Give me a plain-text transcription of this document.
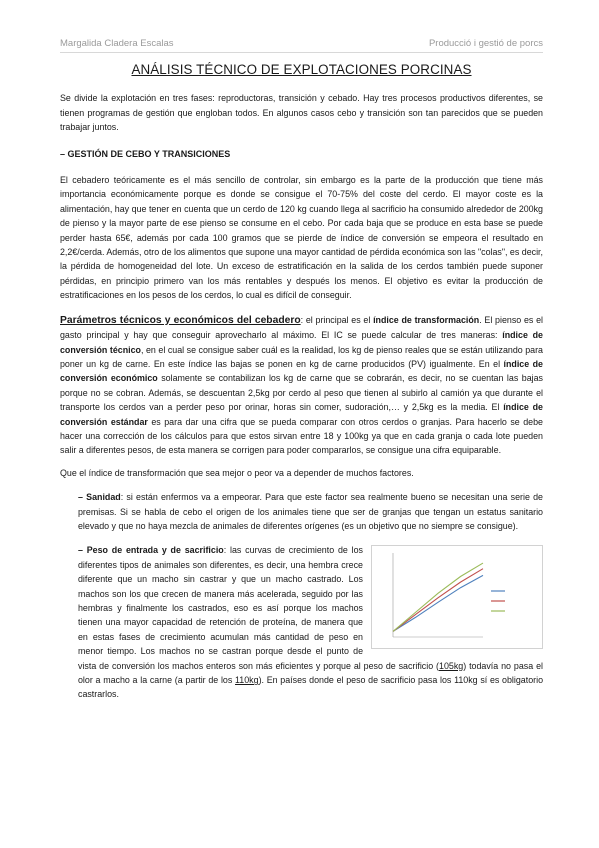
Margalida Cladera Escalas	Producció i gestió de porcs
ANÁLISIS TÉCNICO DE EXPLOTACIONES PORCINAS

Se divide la explotación en tres fases: reproductoras, transición y cebado. Hay tres procesos productivos diferentes, se tienen programas de gestión que engloban todos. En algunos casos cebo y transición son tan parecidos que se pueden trabajar juntos.

– GESTIÓN DE CEBO Y TRANSICIONES

El cebadero teóricamente es el más sencillo de controlar, sin embargo es la parte de la producción que tiene más importancia económicamente porque es donde se consigue el 70-75% del coste del cerdo. El mayor coste es la alimentación, hay que tener en cuenta que un cerdo de 120 kg cuando llega al sacrificio ha consumido alrededor de 200kg de pienso y la mayor parte de ese pienso se consume en el cebo. Por cada baja que se produce en esta base se puede perder hasta 65€, además por cada 100 gramos que se pierde de índice de conversión se empeora el resultado en 2,2€/cerda. Además, otro de los alimentos que supone una mayor cantidad de pérdida económica son las "colas", es decir, la pérdida de homogeneidad del lote. Un exceso de estratificación en la salida de los cerdos también puede suponer pérdidas, en principio primero van los más rentables y después los menos. El objetivo es evitar la producción de estratificaciones en los pesos de los cerdos, lo cual es difícil de conseguir.

Parámetros técnicos y económicos del cebadero: el principal es el índice de transformación. El pienso es el gasto principal y hay que conseguir aprovecharlo al máximo. El IC se puede calcular de tres maneras: índice de conversión técnico, en el cual se consigue saber cuál es la realidad, los kg de pienso reales que se están utilizando para poner un kg de carne. En este índice las bajas se ponen en kg de carne producidos (PV) igualmente. En el índice de conversión económico solamente se contabilizan los kg de carne que se cobrarán, es decir, no se cuentan las bajas porque no se cobran. Además, se descuentan 2,5kg por cerdo al peso que tienen al subirlo al camión ya que durante el transporte los cerdos van a perder peso por orinar, horas sin comer, sudoración,… y 2,5kg es la media. El índice de conversión estándar es para dar una cifra que se pueda comparar con otros cerdos o granjas. Para hacerlo se debe hacer una corrección de los cálculos para que estos sirvan entre 18 y 100kg ya que en cada granja o cada lote pueden salir a diferentes pesos, de esta manera se corrigen para poder compararlos, se consigue una cifra equiparable.

Que el índice de transformación que sea mejor o peor va a depender de muchos factores.

– Sanidad: si están enfermos va a empeorar. Para que este factor sea realmente bueno se necesitan una serie de premisas. Si se habla de cebo el origen de los animales tiene que ser de granjas que tengan un estatus sanitario elevado y que no haya mezcla de animales de diferentes orígenes (es un objetivo que no siempre se consigue).

– Peso de entrada y de sacrificio: las curvas de crecimiento de los diferentes tipos de animales son diferentes, es decir, una hembra crece diferente que un macho sin castrar y que un macho castrado. Los machos son los que crecen de manera más acelerada, seguido por las hembras y finalmente los castrados, eso es así porque los machos tienen una mayor capacidad de retención de proteína, de manera que en estas fases de crecimiento acumulan más cantidad de peso en menor tiempo. Los machos no se castran porque desde el punto de vista de conversión los machos enteros son más eficientes y porque al peso de sacrificio (105kg) todavía no pasa el olor a macho a la carne (a partir de los 110kg). En países donde el peso de sacrificio pasa los 110kg sí es obligatorio castrarlos.
